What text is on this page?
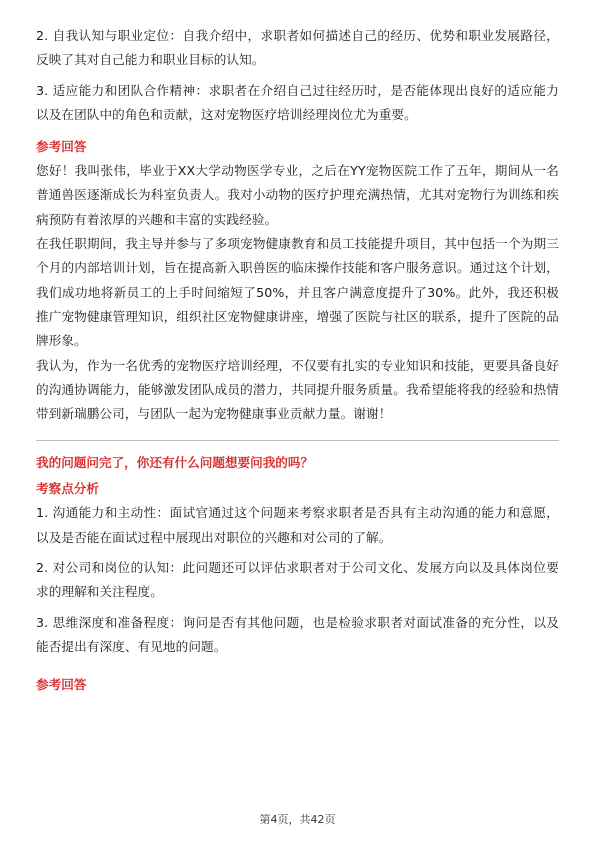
2. 自我认知与职业定位：自我介绍中，求职者如何描述自己的经历、优势和职业发展路径，反映了其对自己能力和职业目标的认知。

3. 适应能力和团队合作精神：求职者在介绍自己过往经历时，是否能体现出良好的适应能力以及在团队中的角色和贡献，这对宠物医疗培训经理岗位尤为重要。

参考回答

您好！我叫张伟，毕业于XX大学动物医学专业，之后在YY宠物医院工作了五年，期间从一名普通兽医逐渐成长为科室负责人。我对小动物的医疗护理充满热情，尤其对宠物行为训练和疾病预防有着浓厚的兴趣和丰富的实践经验。

在我任职期间，我主导并参与了多项宠物健康教育和员工技能提升项目，其中包括一个为期三个月的内部培训计划，旨在提高新入职兽医的临床操作技能和客户服务意识。通过这个计划，我们成功地将新员工的上手时间缩短了50%，并且客户满意度提升了30%。此外，我还积极推广宠物健康管理知识，组织社区宠物健康讲座，增强了医院与社区的联系，提升了医院的品牌形象。

我认为，作为一名优秀的宠物医疗培训经理，不仅要有扎实的专业知识和技能，更要具备良好的沟通协调能力，能够激发团队成员的潜力，共同提升服务质量。我希望能将我的经验和热情带到新瑞鹏公司，与团队一起为宠物健康事业贡献力量。谢谢！

我的问题问完了，你还有什么问题想要问我的吗？

考察点分析

1. 沟通能力和主动性：面试官通过这个问题来考察求职者是否具有主动沟通的能力和意愿，以及是否能在面试过程中展现出对职位的兴趣和对公司的了解。

2. 对公司和岗位的认知：此问题还可以评估求职者对于公司文化、发展方向以及具体岗位要求的理解和关注程度。

3. 思维深度和准备程度：询问是否有其他问题，也是检验求职者对面试准备的充分性，以及能否提出有深度、有见地的问题。

参考回答

第4页，共42页
